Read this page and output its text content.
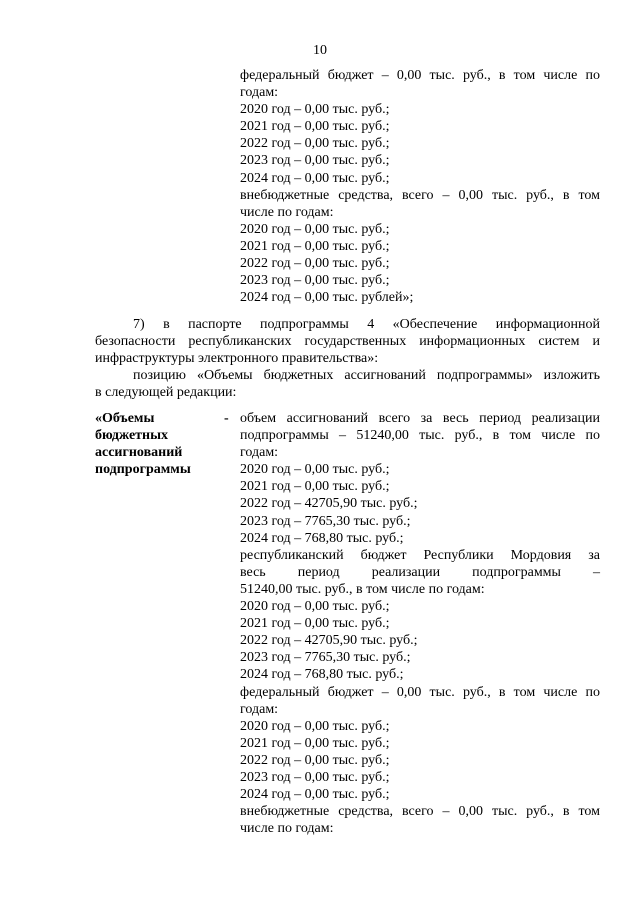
10
федеральный бюджет – 0,00 тыс. руб., в том числе по
годам:
2020 год – 0,00 тыс. руб.;
2021 год – 0,00 тыс. руб.;
2022 год – 0,00 тыс. руб.;
2023 год – 0,00 тыс. руб.;
2024 год – 0,00 тыс. руб.;
внебюджетные средства, всего – 0,00 тыс. руб., в том
числе по годам:
2020 год – 0,00 тыс. руб.;
2021 год – 0,00 тыс. руб.;
2022 год – 0,00 тыс. руб.;
2023 год – 0,00 тыс. руб.;
2024 год – 0,00 тыс. рублей»;
7) в паспорте подпрограммы 4 «Обеспечение информационной
безопасности республиканских государственных информационных систем и
инфраструктуры электронного правительства»:
позицию «Объемы бюджетных ассигнований подпрограммы» изложить
в следующей редакции:
«Объемы
бюджетных
ассигнований
подпрограммы
- объем ассигнований всего за весь период реализации
подпрограммы – 51240,00 тыс. руб., в том числе по
годам:
2020 год – 0,00 тыс. руб.;
2021 год – 0,00 тыс. руб.;
2022 год – 42705,90 тыс. руб.;
2023 год – 7765,30 тыс. руб.;
2024 год – 768,80 тыс. руб.;
республиканский бюджет Республики Мордовия за
весь период реализации подпрограммы –
51240,00 тыс. руб., в том числе по годам:
2020 год – 0,00 тыс. руб.;
2021 год – 0,00 тыс. руб.;
2022 год – 42705,90 тыс. руб.;
2023 год – 7765,30 тыс. руб.;
2024 год – 768,80 тыс. руб.;
федеральный бюджет – 0,00 тыс. руб., в том числе по
годам:
2020 год – 0,00 тыс. руб.;
2021 год – 0,00 тыс. руб.;
2022 год – 0,00 тыс. руб.;
2023 год – 0,00 тыс. руб.;
2024 год – 0,00 тыс. руб.;
внебюджетные средства, всего – 0,00 тыс. руб., в том
числе по годам:
